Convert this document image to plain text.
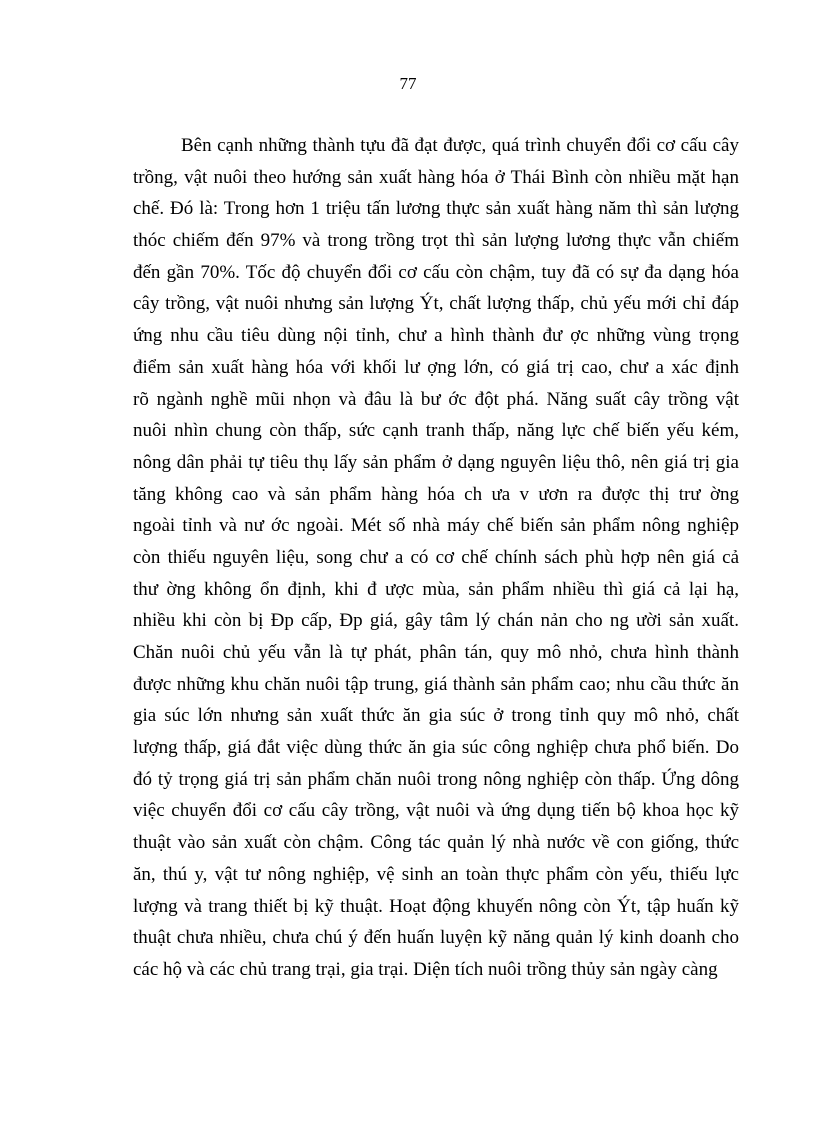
77
Bên cạnh những thành tựu đã đạt được, quá trình chuyển đổi cơ cấu cây
trồng, vật nuôi theo hướng sản xuất hàng hóa ở Thái Bình còn nhiều mặt hạn
chế. Đó là: Trong hơn 1 triệu tấn lương thực sản xuất hàng năm thì sản lượng
thóc chiếm đến 97% và trong trồng trọt thì sản lượng lương thực vẫn chiếm
đến gần 70%. Tốc độ chuyển đổi cơ cấu còn chậm, tuy đã có sự đa dạng hóa
cây trồng, vật nuôi nhưng sản lượng Ýt, chất lượng thấp, chủ yếu mới chỉ đáp
ứng nhu cầu tiêu dùng nội tỉnh, chư a hình thành đư ợc những vùng trọng
điểm sản xuất hàng hóa với khối lư ợng lớn, có giá trị cao, chư a xác định
rõ ngành nghề mũi nhọn và đâu là bư ớc đột phá. Năng suất cây trồng vật
nuôi nhìn chung còn thấp, sức cạnh tranh thấp, năng lực chế biến yếu kém,
nông dân phải tự tiêu thụ lấy sản phẩm ở dạng nguyên liệu thô, nên giá trị gia
tăng không cao và sản phẩm hàng hóa ch ưa v ươn ra được thị trư ờng
ngoài tỉnh và nư ớc ngoài. Mét số nhà máy chế biến sản phẩm nông nghiệp
còn thiếu nguyên liệu, song chư a có cơ chế chính sách phù hợp nên giá cả
thư ờng không ổn định, khi đ ược mùa, sản phẩm nhiều thì giá cả lại hạ,
nhiều khi còn bị Ðp cấp, Ðp giá, gây tâm lý chán nản cho ng ười sản xuất.
Chăn nuôi chủ yếu vẫn là tự phát, phân tán, quy mô nhỏ, chưa hình thành
được những khu chăn nuôi tập trung, giá thành sản phẩm cao; nhu cầu thức ăn
gia súc lớn nhưng sản xuất thức ăn gia súc ở trong tỉnh quy mô nhỏ, chất
lượng thấp, giá đắt việc dùng thức ăn gia súc công nghiệp chưa phổ biến. Do
đó tỷ trọng giá trị sản phẩm chăn nuôi trong nông nghiệp còn thấp. Ứng dông
việc chuyển đổi cơ cấu cây trồng, vật nuôi và ứng dụng tiến bộ khoa học kỹ
thuật vào sản xuất còn chậm. Công tác quản lý nhà nước về con giống, thức
ăn, thú y, vật tư nông nghiệp, vệ sinh an toàn thực phẩm còn yếu, thiếu lực
lượng và trang thiết bị kỹ thuật. Hoạt động khuyến nông còn Ýt, tập huấn kỹ
thuật chưa nhiều, chưa chú ý đến huấn luyện kỹ năng quản lý kinh doanh cho
các hộ và các chủ trang trại, gia trại. Diện tích nuôi trồng thủy sản ngày càng
